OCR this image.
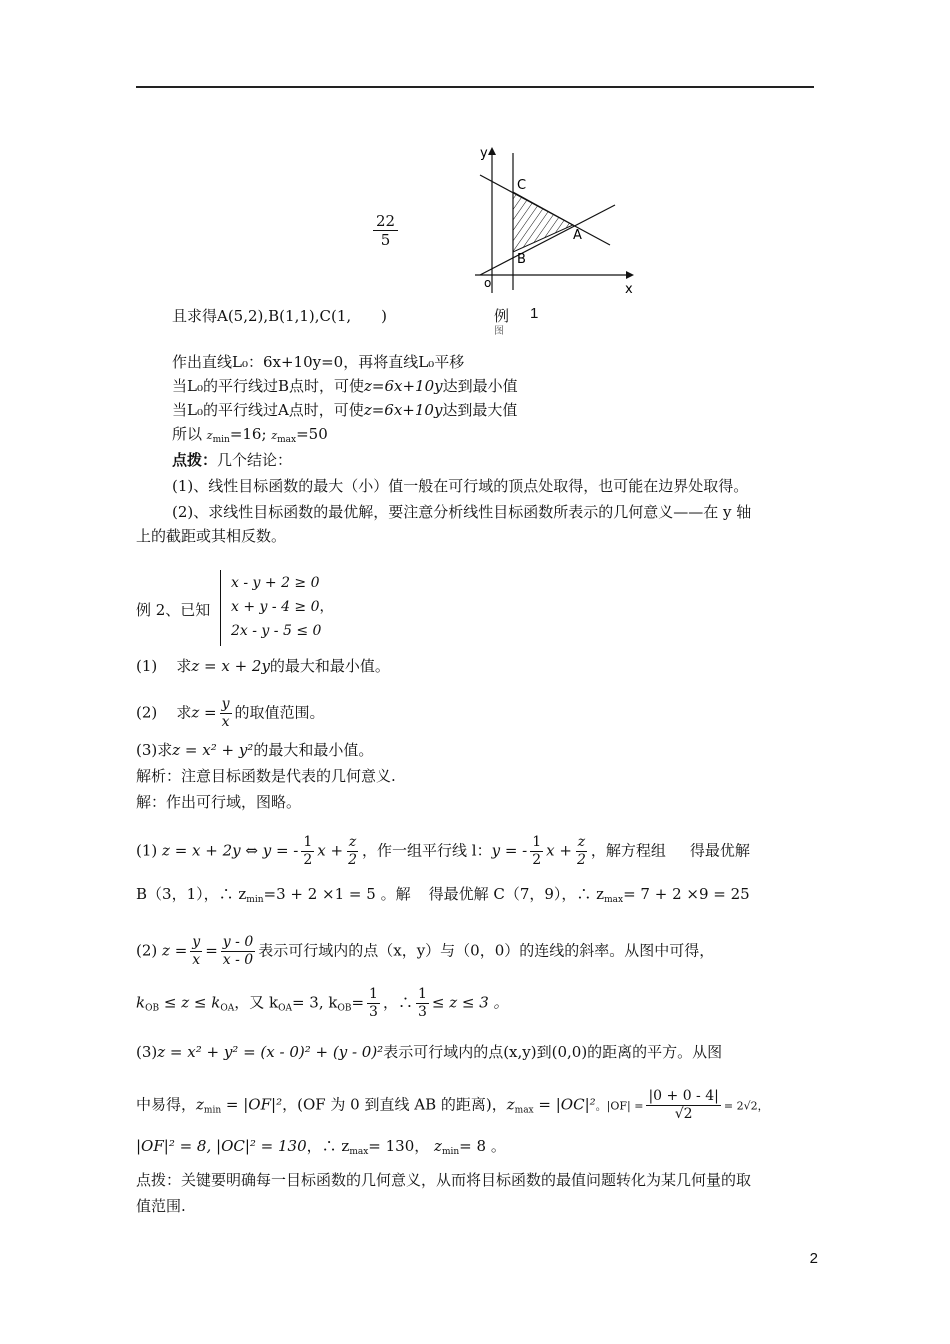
y
x
o
C
A
B
$\frac{22}{5}$
例
图
1
且求得A(5,2),B(1,1),C(1, )
作出直线L₀：6x+10y=0，再将直线L₀平移
当L₀的平行线过B点时，可使z=6x+10y达到最小值
当L₀的平行线过A点时，可使z=6x+10y达到最大值
所以 $z_{min}=16$; $z_{max}=50$
点拨：几个结论：
(1)、线性目标函数的最大（小）值一般在可行域的顶点处取得，也可能在边界处取得。
(2)、求线性目标函数的最优解，要注意分析线性目标函数所表示的几何意义——在 y 轴
上的截距或其相反数。
例 2、已知
x - y + 2 ≥ 0
x + y - 4 ≥ 0，
2x - y - 5 ≤ 0
(1)    求z = x + 2y的最大和最小值。
(2)    求$z = \frac{y}{x}$ 的取值范围。
(3)求z = x² + y²的最大和最小值。
解析：注意目标函数是代表的几何意义.
解：作出可行域，图略。
(1) z = x + 2y ⇔ y = - $\frac{1}{2}$ $x + \frac{z}{2}$ ，作一组平行线 l：y = - $\frac{1}{2}$ $x + \frac{z}{2}$ ，解方程组 得最优解
B（3，1），∴ $z_{min}=3 + 2 \times 1 = 5$ 。解 得最优解 C（7，9），∴ $z_{max}= 7 + 2 \times 9 = 25$
(2) $z = \frac{y}{x} = \frac{y - 0}{x - 0}$ 表示可行域内的点（x，y）与（0，0）的连线的斜率。从图中可得，
$k_{OB} \le z \le k_{OA}$，又 $k_{OA}= 3$, $k_{OB}= \frac{1}{3}$ ，∴ $\frac{1}{3} \le z \le 3$ 。
(3)z = x² + y² = (x - 0)² + (y - 0)²表示可行域内的点(x,y)到(0,0)的距离的平方。从图
中易得，$z_{min} = |OF|^2$，(OF 为 0 到直线 AB 的距离)，$z_{max} = |OC|^2$。$|OF| = \frac{|0 + 0 - 4|}{√2} = 2√2$，
|OF|² = 8, |OC|² = 130，∴ $z_{max}= 130$， $z_{min}= 8$ 。
点拨：关键要明确每一目标函数的几何意义，从而将目标函数的最值问题转化为某几何量的取
值范围.
2
